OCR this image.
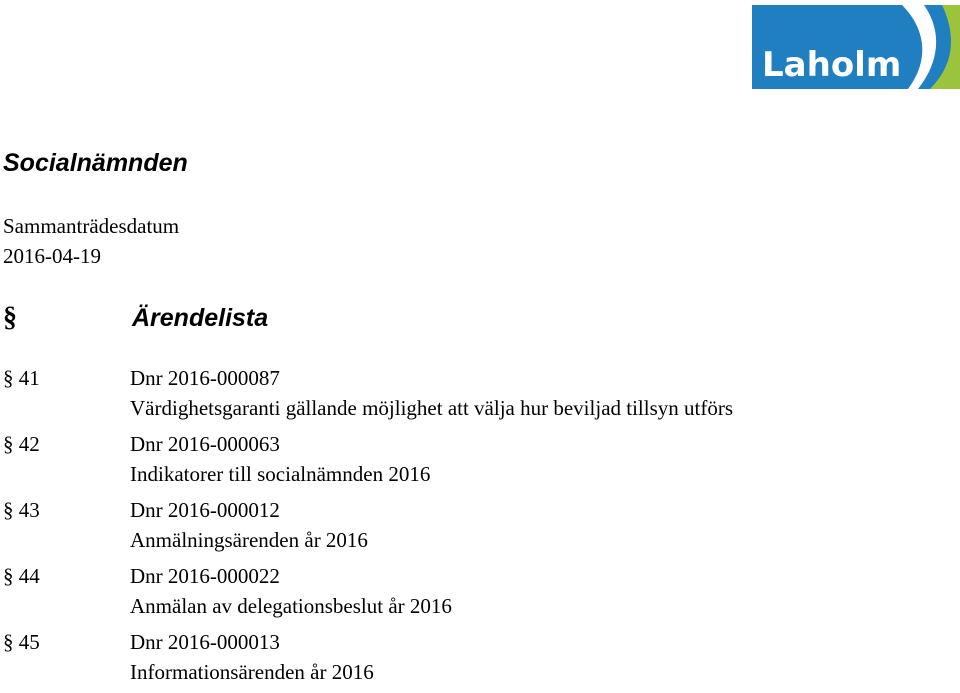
Laholm
Socialnämnden
Sammanträdesdatum
2016-04-19
§	Ärendelista
§ 41	Dnr 2016-000087
Värdighetsgaranti gällande möjlighet att välja hur beviljad tillsyn utförs
§ 42	Dnr 2016-000063
Indikatorer till socialnämnden 2016
§ 43	Dnr 2016-000012
Anmälningsärenden år 2016
§ 44	Dnr 2016-000022
Anmälan av delegationsbeslut år 2016
§ 45	Dnr 2016-000013
Informationsärenden år 2016
